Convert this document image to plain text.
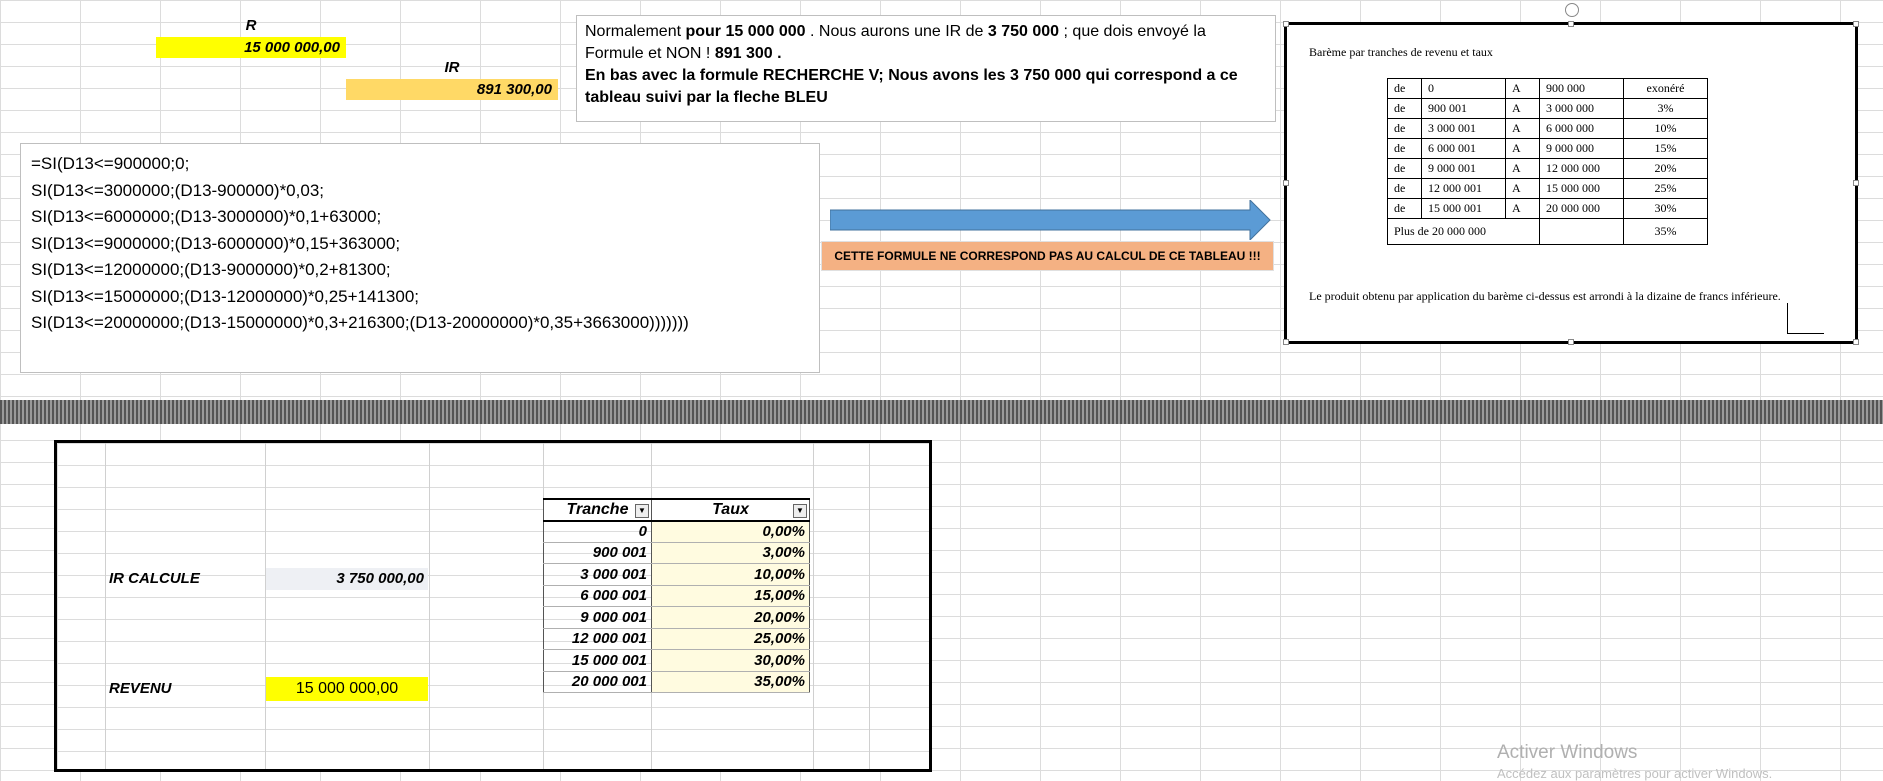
R
15 000 000,00
IR
891 300,00
Normalement pour 15 000 000 . Nous aurons une IR de 3 750 000 ; que dois envoyé la Formule et NON ! 891 300 .
En bas avec la formule RECHERCHE V; Nous avons les 3 750 000 qui correspond a ce tableau suivi par la fleche BLEU
=SI(D13<=900000;0;
SI(D13<=3000000;(D13-900000)*0,03;
SI(D13<=6000000;(D13-3000000)*0,1+63000;
SI(D13<=9000000;(D13-6000000)*0,15+363000;
SI(D13<=12000000;(D13-9000000)*0,2+81300;
SI(D13<=15000000;(D13-12000000)*0,25+141300;
SI(D13<=20000000;(D13-15000000)*0,3+216300;(D13-20000000)*0,35+3663000)))))))
CETTE FORMULE NE CORRESPOND PAS AU CALCUL DE CE TABLEAU !!!
Barème par tranches de revenu et taux
de	0	A	900 000	exonéré
de	900 001	A	3 000 000	3%
de	3 000 001	A	6 000 000	10%
de	6 000 001	A	9 000 000	15%
de	9 000 001	A	12 000 000	20%
de	12 000 001	A	15 000 000	25%
de	15 000 001	A	20 000 000	30%
Plus de 20 000 000				35%
Le produit obtenu par application du barème ci-dessus est arrondi à la dizaine de francs inférieure.
IR CALCULE	3 750 000,00
REVENU	15 000 000,00
Tranche ▼	Taux ▼

0	0,00%
900 001	3,00%
3 000 001	10,00%
6 000 001	15,00%
9 000 001	20,00%
12 000 001	25,00%
15 000 001	30,00%
20 000 001	35,00%
Activer Windows
Accédez aux paramètres pour activer Windows.
